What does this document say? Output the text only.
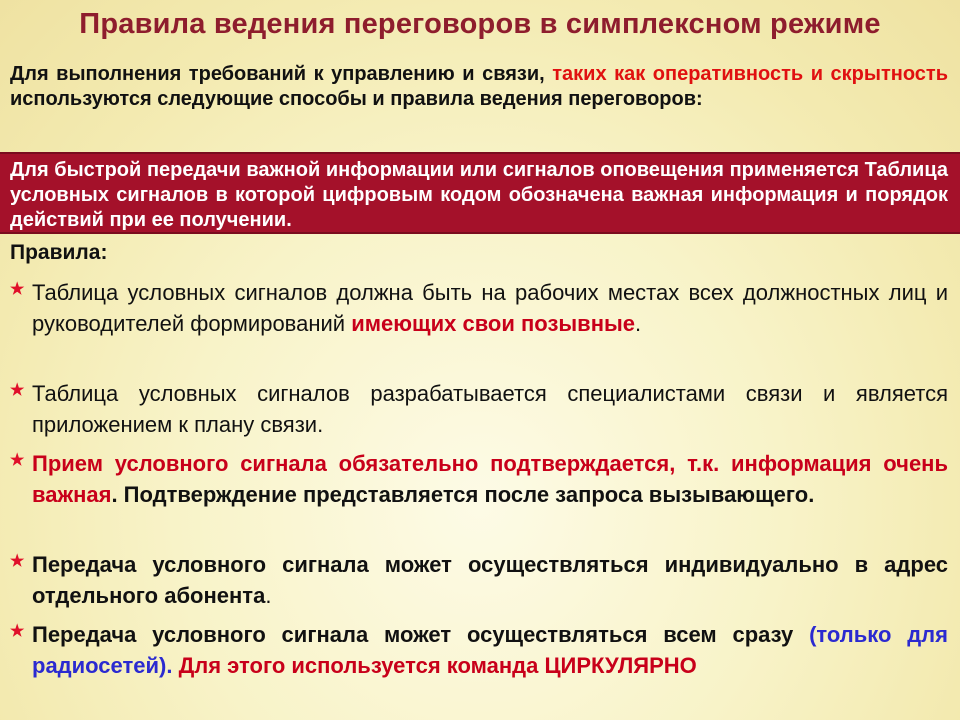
Правила ведения переговоров в симплексном режиме
Для выполнения требований к управлению и связи, таких как оперативность и скрытность используются следующие способы и правила ведения переговоров:
Для быстрой передачи важной информации или сигналов оповещения применяется Таблица условных сигналов в которой цифровым кодом обозначена важная информация и порядок действий при ее получении.
Правила:
★ Таблица условных сигналов должна быть на рабочих местах всех должностных лиц и руководителей формирований имеющих свои позывные.
★ Таблица условных сигналов разрабатывается специалистами связи и является приложением к плану связи.
★ Прием условного сигнала обязательно подтверждается, т.к. информация очень важная. Подтверждение представляется после запроса вызывающего.
★ Передача условного сигнала может осуществляться индивидуально в адрес отдельного абонента.
★ Передача условного сигнала может осуществляться всем сразу (только для радиосетей). Для этого используется команда ЦИРКУЛЯРНО
